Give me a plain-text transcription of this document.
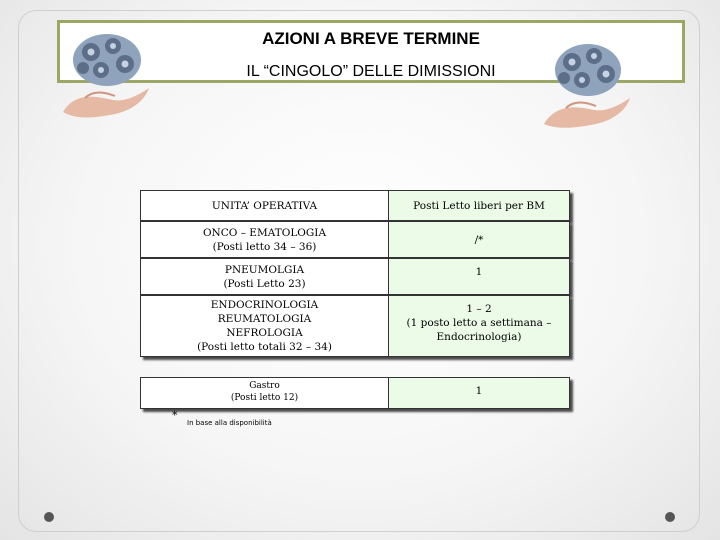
AZIONI A BREVE TERMINE
IL “CINGOLO” DELLE DIMISSIONI
UNITA’ OPERATIVA	Posti Letto liberi per BM
ONCO – EMATOLOGIA
(Posti letto 34 – 36)
/*
PNEUMOLGIA
(Posti Letto 23)
1
ENDOCRINOLOGIA
REUMATOLOGIA
NEFROLOGIA
(Posti letto totali 32 – 34)
1 – 2
(1 posto letto a settimana –
Endocrinologia)
Gastro
(Posti letto 12)
1
*
In base alla disponibilità
